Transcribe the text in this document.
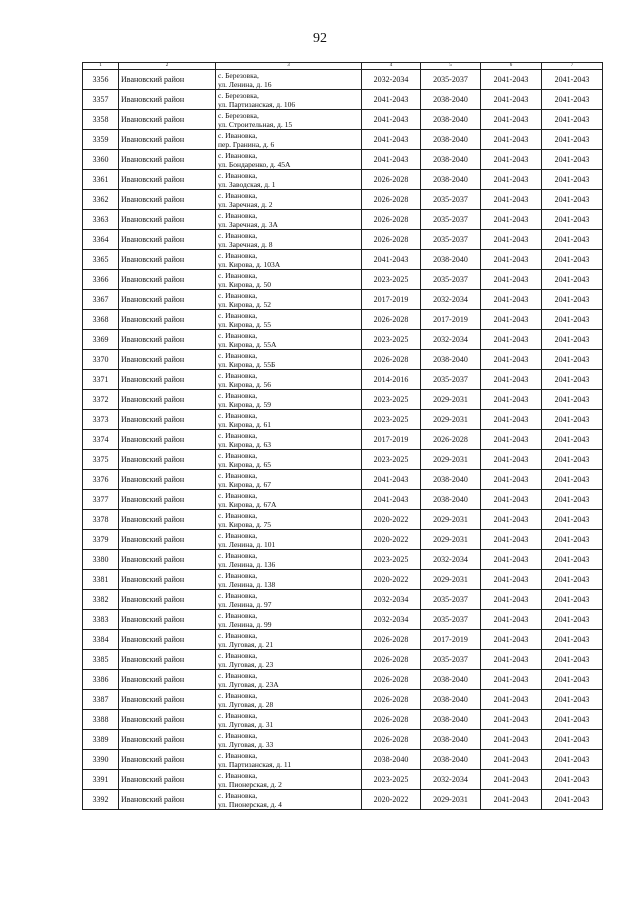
92
1	2	3	4	5	6	7
3356	Ивановский район	с. Березовка,
ул. Ленина, д. 16	2032-2034	2035-2037	2041-2043	2041-2043
3357	Ивановский район	с. Березовка,
ул. Партизанская, д. 106	2041-2043	2038-2040	2041-2043	2041-2043
3358	Ивановский район	с. Березовка,
ул. Строительная, д. 15	2041-2043	2038-2040	2041-2043	2041-2043
3359	Ивановский район	с. Ивановка,
пер. Гранина, д. 6	2041-2043	2038-2040	2041-2043	2041-2043
3360	Ивановский район	с. Ивановка,
ул. Бондаренко, д. 45А	2041-2043	2038-2040	2041-2043	2041-2043
3361	Ивановский район	с. Ивановка,
ул. Заводская, д. 1	2026-2028	2038-2040	2041-2043	2041-2043
3362	Ивановский район	с. Ивановка,
ул. Заречная, д. 2	2026-2028	2035-2037	2041-2043	2041-2043
3363	Ивановский район	с. Ивановка,
ул. Заречная, д. 3А	2026-2028	2035-2037	2041-2043	2041-2043
3364	Ивановский район	с. Ивановка,
ул. Заречная, д. 8	2026-2028	2035-2037	2041-2043	2041-2043
3365	Ивановский район	с. Ивановка,
ул. Кирова, д. 103А	2041-2043	2038-2040	2041-2043	2041-2043
3366	Ивановский район	с. Ивановка,
ул. Кирова, д. 50	2023-2025	2035-2037	2041-2043	2041-2043
3367	Ивановский район	с. Ивановка,
ул. Кирова, д. 52	2017-2019	2032-2034	2041-2043	2041-2043
3368	Ивановский район	с. Ивановка,
ул. Кирова, д. 55	2026-2028	2017-2019	2041-2043	2041-2043
3369	Ивановский район	с. Ивановка,
ул. Кирова, д. 55А	2023-2025	2032-2034	2041-2043	2041-2043
3370	Ивановский район	с. Ивановка,
ул. Кирова, д. 55Б	2026-2028	2038-2040	2041-2043	2041-2043
3371	Ивановский район	с. Ивановка,
ул. Кирова, д. 56	2014-2016	2035-2037	2041-2043	2041-2043
3372	Ивановский район	с. Ивановка,
ул. Кирова, д. 59	2023-2025	2029-2031	2041-2043	2041-2043
3373	Ивановский район	с. Ивановка,
ул. Кирова, д. 61	2023-2025	2029-2031	2041-2043	2041-2043
3374	Ивановский район	с. Ивановка,
ул. Кирова, д. 63	2017-2019	2026-2028	2041-2043	2041-2043
3375	Ивановский район	с. Ивановка,
ул. Кирова, д. 65	2023-2025	2029-2031	2041-2043	2041-2043
3376	Ивановский район	с. Ивановка,
ул. Кирова, д. 67	2041-2043	2038-2040	2041-2043	2041-2043
3377	Ивановский район	с. Ивановка,
ул. Кирова, д. 67А	2041-2043	2038-2040	2041-2043	2041-2043
3378	Ивановский район	с. Ивановка,
ул. Кирова, д. 75	2020-2022	2029-2031	2041-2043	2041-2043
3379	Ивановский район	с. Ивановка,
ул. Ленина, д. 101	2020-2022	2029-2031	2041-2043	2041-2043
3380	Ивановский район	с. Ивановка,
ул. Ленина, д. 136	2023-2025	2032-2034	2041-2043	2041-2043
3381	Ивановский район	с. Ивановка,
ул. Ленина, д. 138	2020-2022	2029-2031	2041-2043	2041-2043
3382	Ивановский район	с. Ивановка,
ул. Ленина, д. 97	2032-2034	2035-2037	2041-2043	2041-2043
3383	Ивановский район	с. Ивановка,
ул. Ленина, д. 99	2032-2034	2035-2037	2041-2043	2041-2043
3384	Ивановский район	с. Ивановка,
ул. Луговая, д. 21	2026-2028	2017-2019	2041-2043	2041-2043
3385	Ивановский район	с. Ивановка,
ул. Луговая, д. 23	2026-2028	2035-2037	2041-2043	2041-2043
3386	Ивановский район	с. Ивановка,
ул. Луговая, д. 23А	2026-2028	2038-2040	2041-2043	2041-2043
3387	Ивановский район	с. Ивановка,
ул. Луговая, д. 28	2026-2028	2038-2040	2041-2043	2041-2043
3388	Ивановский район	с. Ивановка,
ул. Луговая, д. 31	2026-2028	2038-2040	2041-2043	2041-2043
3389	Ивановский район	с. Ивановка,
ул. Луговая, д. 33	2026-2028	2038-2040	2041-2043	2041-2043
3390	Ивановский район	с. Ивановка,
ул. Партизанская, д. 11	2038-2040	2038-2040	2041-2043	2041-2043
3391	Ивановский район	с. Ивановка,
ул. Пионерская, д. 2	2023-2025	2032-2034	2041-2043	2041-2043
3392	Ивановский район	с. Ивановка,
ул. Пионерская, д. 4	2020-2022	2029-2031	2041-2043	2041-2043
